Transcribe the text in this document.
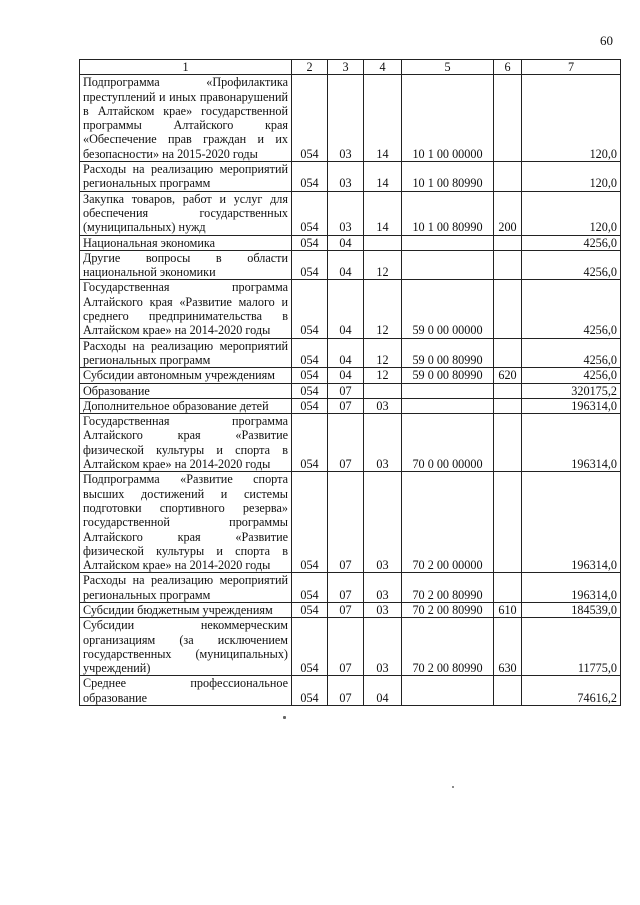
60
1	2	3	4	5	6	7
Подпрограмма «Профилактика преступлений и иных правонарушений в Алтайском крае» государственной программы Алтайского края «Обеспечение прав граждан и их безопасности» на 2015-2020 годы	054	03	14	10 1 00 00000		120,0
Расходы на реализацию мероприятий региональных программ	054	03	14	10 1 00 80990		120,0
Закупка товаров, работ и услуг для обеспечения государственных (муниципальных) нужд	054	03	14	10 1 00 80990	200	120,0
Национальная экономика	054	04				4256,0
Другие вопросы в области национальной экономики	054	04	12			4256,0
Государственная программа Алтайского края «Развитие малого и среднего предпринимательства в Алтайском крае» на 2014-2020 годы	054	04	12	59 0 00 00000		4256,0
Расходы на реализацию мероприятий региональных программ	054	04	12	59 0 00 80990		4256,0
Субсидии автономным учреждениям	054	04	12	59 0 00 80990	620	4256,0
Образование	054	07				320175,2
Дополнительное образование детей	054	07	03			196314,0
Государственная программа Алтайского края «Развитие физической культуры и спорта в Алтайском крае» на 2014-2020 годы	054	07	03	70 0 00 00000		196314,0
Подпрограмма «Развитие спорта высших достижений и системы подготовки спортивного резерва» государственной программы Алтайского края «Развитие физической культуры и спорта в Алтайском крае» на 2014-2020 годы	054	07	03	70 2 00 00000		196314,0
Расходы на реализацию мероприятий региональных программ	054	07	03	70 2 00 80990		196314,0
Субсидии бюджетным учреждениям	054	07	03	70 2 00 80990	610	184539,0
Субсидии некоммерческим организациям (за исключением государственных (муниципальных) учреждений)	054	07	03	70 2 00 80990	630	11775,0
Среднее профессиональное образование	054	07	04			74616,2
